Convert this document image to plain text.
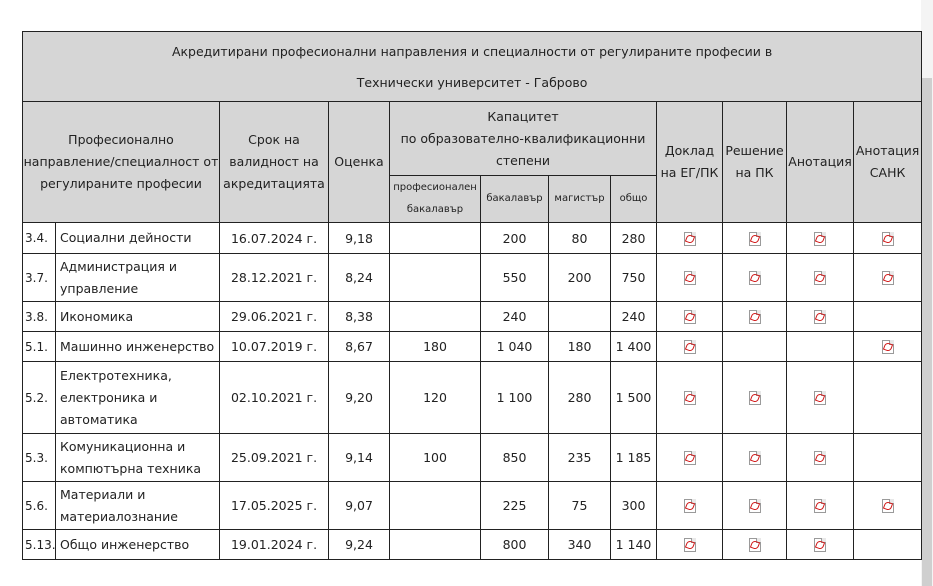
Акредитирани професионални направления и специалности от регулираните професии в
Технически университет - Габрово											

Професионално направление/специалност от регулираните професии		Срок на валидност на акредитацията	Оценка	Капацитет
по образователно-квалификационни степени				Доклад на ЕГ/ПК	Решение на ПК	Анотация	Анотация САНК
				професионален бакалавър	бакалавър	магистър	общо				
3.4.	Социални дейности	16.07.2024 г.	9,18		200	80	280				
3.7.	Администрация и управление	28.12.2021 г.	8,24		550	200	750				
3.8.	Икономика	29.06.2021 г.	8,38		240		240				
5.1.	Машинно инженерство	10.07.2019 г.	8,67	180	1 040	180	1 400				
5.2.	Електротехника, електроника и автоматика	02.10.2021 г.	9,20	120	1 100	280	1 500				
5.3.	Комуникационна и компютърна техника	25.09.2021 г.	9,14	100	850	235	1 185				
5.6.	Материали и материалознание	17.05.2025 г.	9,07		225	75	300				
5.13.	Общо инженерство	19.01.2024 г.	9,24		800	340	1 140				
